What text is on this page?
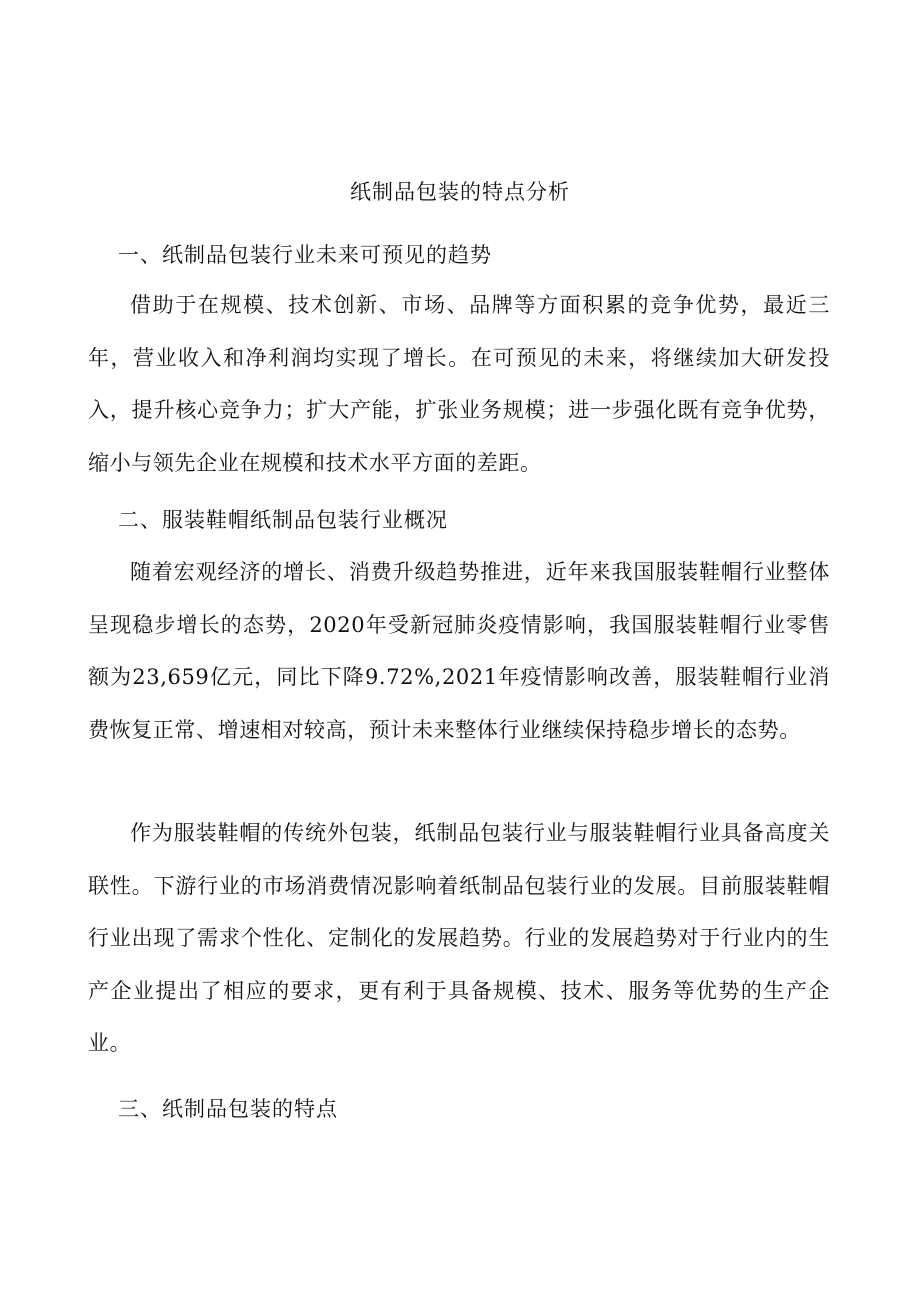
纸制品包装的特点分析
一、纸制品包装行业未来可预见的趋势

借助于在规模、技术创新、市场、品牌等方面积累的竞争优势，最近三年，营业收入和净利润均实现了增长。在可预见的未来，将继续加大研发投入，提升核心竞争力；扩大产能，扩张业务规模；进一步强化既有竞争优势，缩小与领先企业在规模和技术水平方面的差距。

二、服装鞋帽纸制品包装行业概况

随着宏观经济的增长、消费升级趋势推进，近年来我国服装鞋帽行业整体呈现稳步增长的态势，2020年受新冠肺炎疫情影响，我国服装鞋帽行业零售额为23,659亿元，同比下降9.72%,2021年疫情影响改善，服装鞋帽行业消费恢复正常、增速相对较高，预计未来整体行业继续保持稳步增长的态势。

作为服装鞋帽的传统外包装，纸制品包装行业与服装鞋帽行业具备高度关联性。下游行业的市场消费情况影响着纸制品包装行业的发展。目前服装鞋帽行业出现了需求个性化、定制化的发展趋势。行业的发展趋势对于行业内的生产企业提出了相应的要求，更有利于具备规模、技术、服务等优势的生产企业。

三、纸制品包装的特点
